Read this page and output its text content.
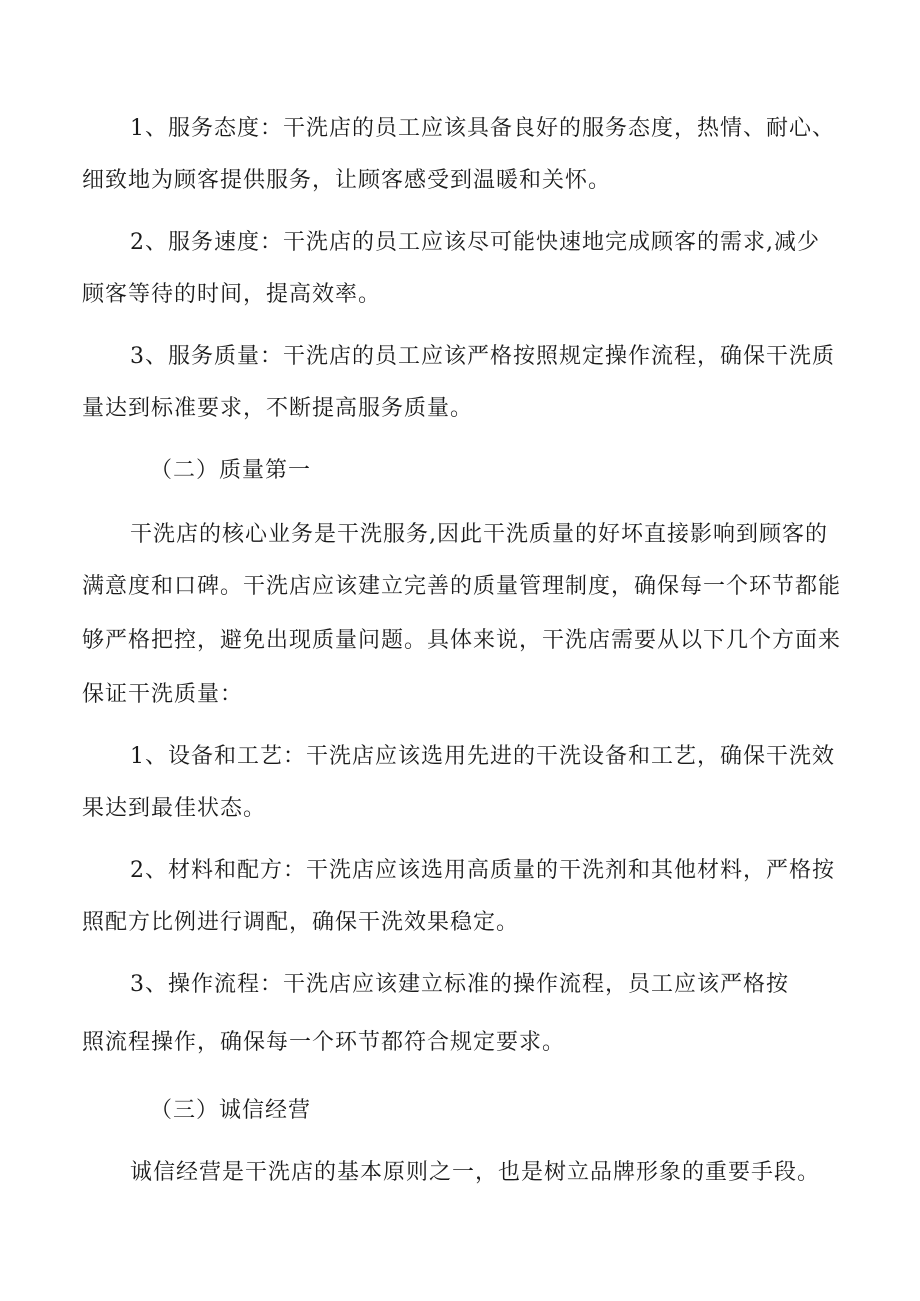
1、服务态度：干洗店的员工应该具备良好的服务态度，热情、耐心、
细致地为顾客提供服务，让顾客感受到温暖和关怀。
2、服务速度：干洗店的员工应该尽可能快速地完成顾客的需求,减少
顾客等待的时间，提高效率。
3、服务质量：干洗店的员工应该严格按照规定操作流程，确保干洗质
量达到标准要求，不断提高服务质量。
（二）质量第一
干洗店的核心业务是干洗服务,因此干洗质量的好坏直接影响到顾客的
满意度和口碑。干洗店应该建立完善的质量管理制度，确保每一个环节都能
够严格把控，避免出现质量问题。具体来说，干洗店需要从以下几个方面来
保证干洗质量：
1、设备和工艺：干洗店应该选用先进的干洗设备和工艺，确保干洗效
果达到最佳状态。
2、材料和配方：干洗店应该选用高质量的干洗剂和其他材料，严格按
照配方比例进行调配，确保干洗效果稳定。
3、操作流程：干洗店应该建立标准的操作流程，员工应该严格按
照流程操作，确保每一个环节都符合规定要求。
（三）诚信经营
诚信经营是干洗店的基本原则之一，也是树立品牌形象的重要手段。
